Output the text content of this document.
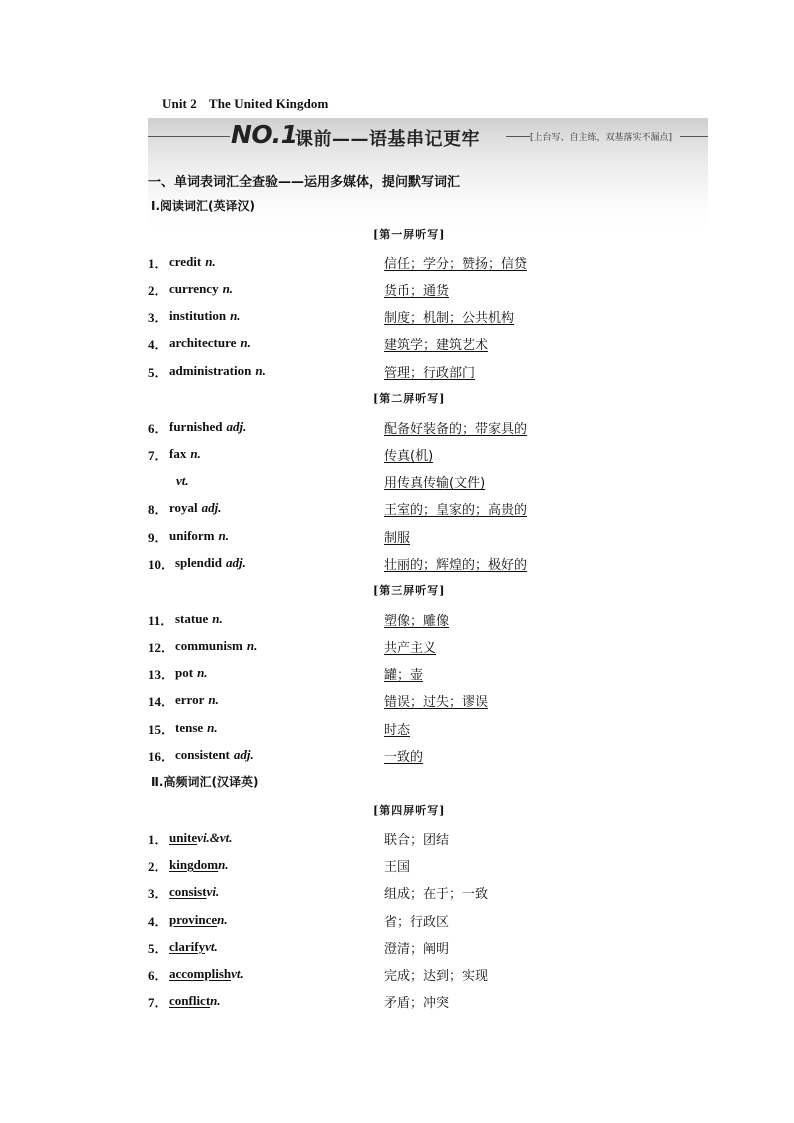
Unit 2 The United Kingdom
NO.1
课前——语基串记更牢	[上台写、自主练，双基落实不漏点]
一、单词表词汇全查验——运用多媒体，提问默写词汇
Ⅰ.阅读词汇(英译汉)
[第一屏听写]
1． credit n.	信任；学分；赞扬；信贷
2． currency n.	货币；通货
3． institution n.	制度；机制；公共机构
4． architecture n.	建筑学；建筑艺术
5． administration n.	管理；行政部门
[第二屏听写]
6． furnished adj.	配备好装备的；带家具的
7． fax n.	传真(机)
vt.	用传真传输(文件)
8． royal adj.	王室的；皇家的；高贵的
9． uniform n.	制服
10． splendid adj.	壮丽的；辉煌的；极好的
[第三屏听写]
11． statue n.	塑像；雕像
12． communism n.	共产主义
13． pot n.	罐；壶
14． error n.	错误；过失；谬误
15． tense n.	时态
16． consistent adj.	一致的
Ⅱ.高频词汇(汉译英)
[第四屏听写]
1． unitevi.&vt.	联合；团结
2． kingdomn.	王国
3． consistvi.	组成；在于；一致
4． provincen.	省；行政区
5． clarifyvt.	澄清；阐明
6． accomplishvt.	完成；达到；实现
7． conflictn.	矛盾；冲突
